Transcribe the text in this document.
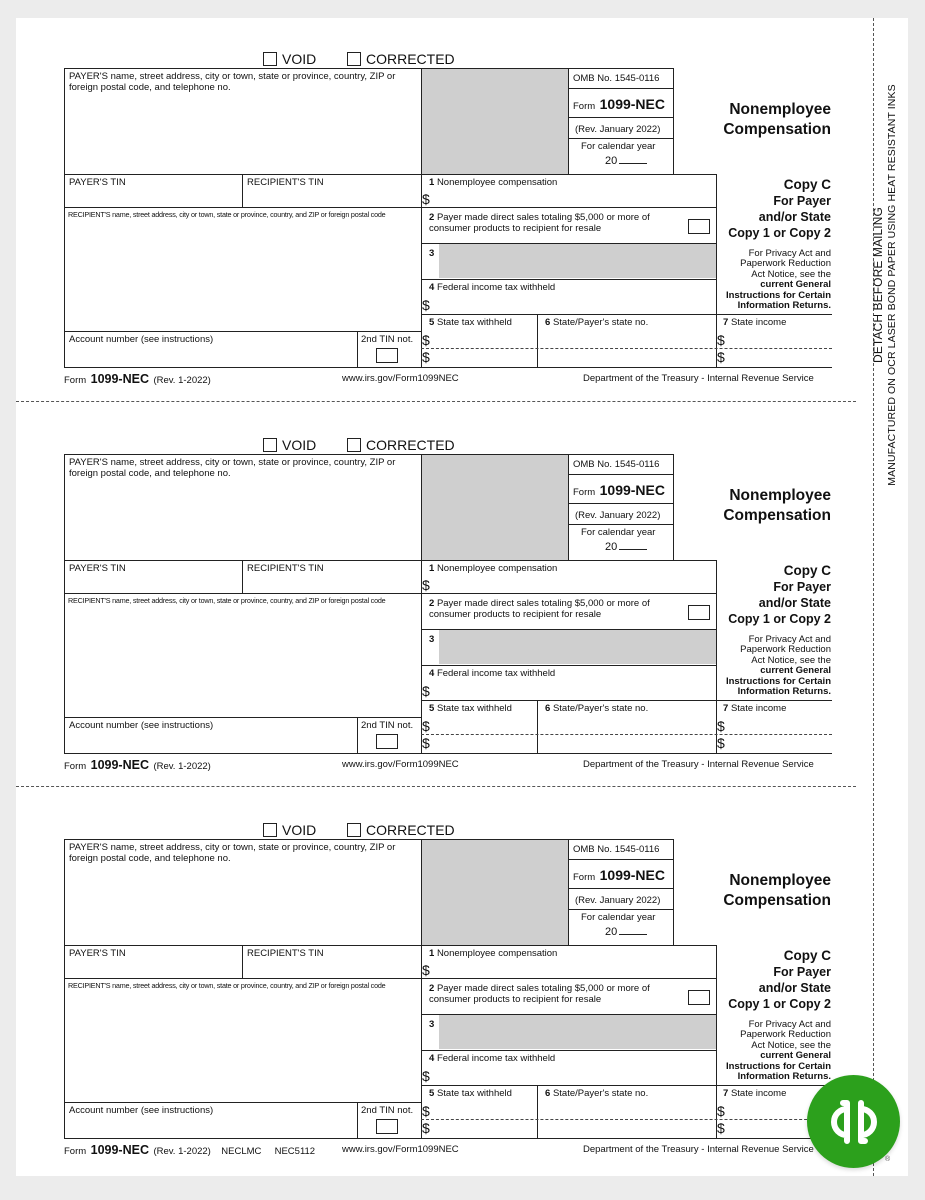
DETACH BEFORE MAILING MANUFACTURED ON OCR LASER BOND PAPER USING HEAT RESISTANT INKS
VOID	CORRECTED
PAYER'S name, street address, city or town, state or province, country, ZIP or foreign postal code, and telephone no.
OMB No. 1545-0116
Form 1099-NEC
(Rev. January 2022)
For calendar year
20
Nonemployee
Compensation
PAYER'S TIN	RECIPIENT'S TIN
RECIPIENT'S name, street address, city or town, state or province, country, and ZIP or foreign postal code
Account number (see instructions)	2nd TIN not.
1 Nonemployee compensation
$
2 Payer made direct sales totaling $5,000 or more of consumer products to recipient for resale
3
4 Federal income tax withheld
$
5 State tax withheld	6 State/Payer's state no.	7 State income
$
$
$
$
Copy C
For Payer
and/or State
Copy 1 or Copy 2
For Privacy Act and
Paperwork Reduction
Act Notice, see the
current General
Instructions for Certain
Information Returns.
Form 1099-NEC (Rev. 1-2022)	www.irs.gov/Form1099NEC	Department of the Treasury - Internal Revenue Service
VOID	CORRECTED
PAYER'S name, street address, city or town, state or province, country, ZIP or foreign postal code, and telephone no.
OMB No. 1545-0116
Form 1099-NEC
(Rev. January 2022)
For calendar year
20
Nonemployee
Compensation
PAYER'S TIN	RECIPIENT'S TIN
RECIPIENT'S name, street address, city or town, state or province, country, and ZIP or foreign postal code
Account number (see instructions)	2nd TIN not.
1 Nonemployee compensation
$
2 Payer made direct sales totaling $5,000 or more of consumer products to recipient for resale
3
4 Federal income tax withheld
$
5 State tax withheld	6 State/Payer's state no.	7 State income
$
$
$
$
Copy C
For Payer
and/or State
Copy 1 or Copy 2
For Privacy Act and
Paperwork Reduction
Act Notice, see the
current General
Instructions for Certain
Information Returns.
Form 1099-NEC (Rev. 1-2022)	www.irs.gov/Form1099NEC	Department of the Treasury - Internal Revenue Service
VOID	CORRECTED
PAYER'S name, street address, city or town, state or province, country, ZIP or foreign postal code, and telephone no.
OMB No. 1545-0116
Form 1099-NEC
(Rev. January 2022)
For calendar year
20
Nonemployee
Compensation
PAYER'S TIN	RECIPIENT'S TIN
RECIPIENT'S name, street address, city or town, state or province, country, and ZIP or foreign postal code
Account number (see instructions)	2nd TIN not.
1 Nonemployee compensation
$
2 Payer made direct sales totaling $5,000 or more of consumer products to recipient for resale
3
4 Federal income tax withheld
$
5 State tax withheld	6 State/Payer's state no.	7 State income
$
$
$
$
Copy C
For Payer
and/or State
Copy 1 or Copy 2
For Privacy Act and
Paperwork Reduction
Act Notice, see the
current General
Instructions for Certain
Information Returns.
Form 1099-NEC (Rev. 1-2022) NECLMC     NEC5112	www.irs.gov/Form1099NEC	Department of the Treasury - Internal Revenue Service
®
